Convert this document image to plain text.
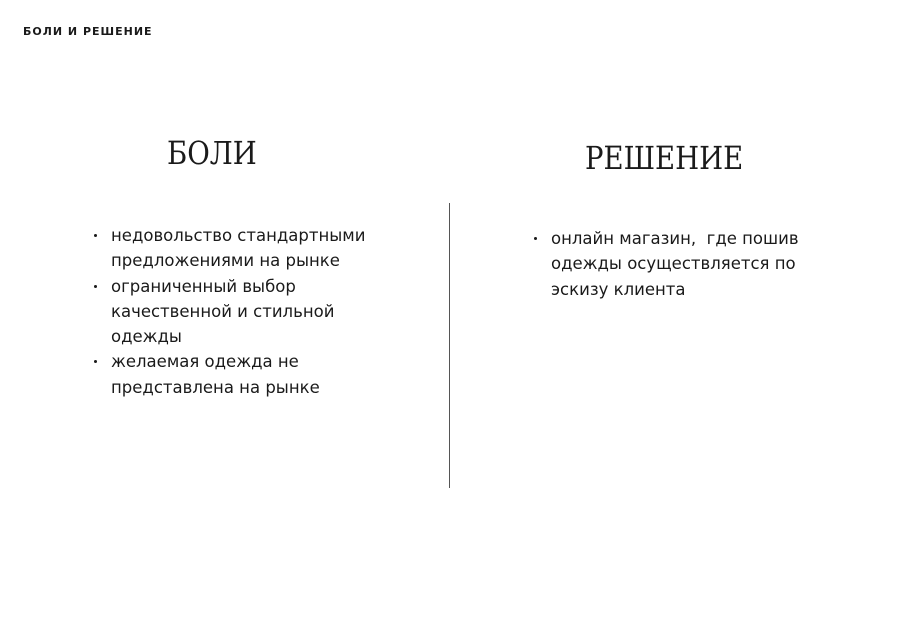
БОЛИ И РЕШЕНИЕ
БОЛИ	РЕШЕНИЕ
недовольство стандартными
предложениями на рынке
ограниченный выбор
качественной и стильной
одежды
желаемая одежда не
представлена на рынке
онлайн магазин,  где пошив
одежды осуществляется по
эскизу клиента
